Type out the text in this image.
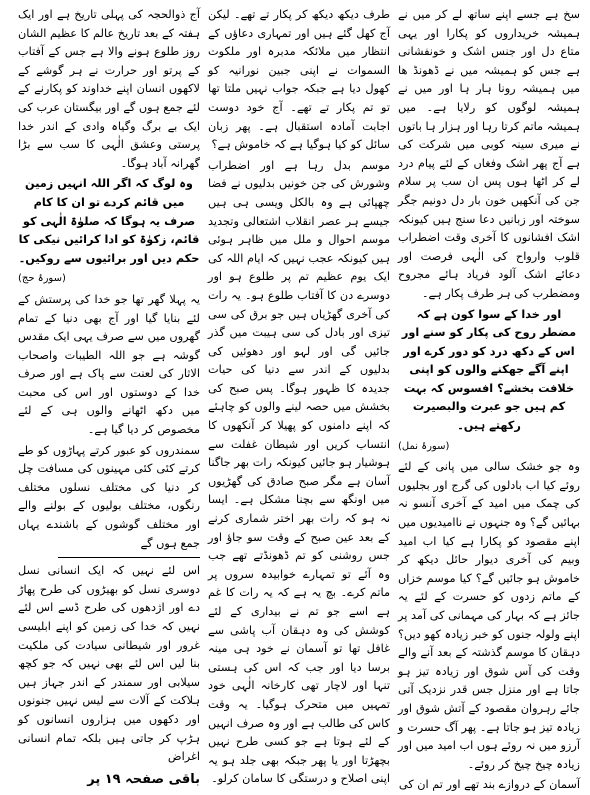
سخ ہے جسے اپنے ساتھ لے کر میں نے ہمیشہ خریداروں کو پکارا اور یہی متاع دل اور جنس اشک و خونفشانی ہے جس کو ہمیشہ میں نے ڈھونڈ ھا میں ہمیشہ رونا ہار ہا اور میں نے ہمیشہ لوگوں کو رلایا ہے۔ میں ہمیشہ ماتم کرتا رہا اور ہزار ہا باتوں نے میری سینہ کوبی میں شرکت کی ہے آج پھر اشک وفغاں کے لئے پیام درد لے کر اٹھا ہوں پس ان سب پر سلام جن کی آنکھیں خون بار دل دونیم جگر سوختہ اور زبانیں دعا سنج ہیں کیونکہ اشک افشانوں کا آخری وقت اضطراب قلوب وارواح کی الٰہی فرصت اور دعائے اشک آلود فریاد ہائے مجروح ومضطرب کی ہر طرف پکار ہے۔

اور خدا کے سوا کون ہے کہ مضطر روح کی پکار کو سنے اور اس کے دکھ درد کو دور کرے اور اپنے آگے جھکنے والوں کو اپنی خلافت بخشے؟ افسوس کہ بہت کم ہیں جو عبرت والبصیرت رکھتے ہیں۔

(سورۂ نمل)

وہ جو خشک سالی میں پانی کے لئے روئے کیا اب بادلوں کی گرج اور بجلیوں کی چمک میں امید کے آخری آنسو نہ بہائیں گے؟ وہ جنہوں نے ناامیدیوں میں اپنے مقصود کو پکارا ہے کیا اب امید وبیم کی آخری دیوار حائل دیکھ کر خاموش ہو جائیں گے؟ کیا موسم خزاں کے ماتم زدوں کو حسرت کے لئے یہ جائز ہے کہ بہار کی مہمانی کی آمد پر اپنے ولولہ جنوں کو خبر زیادہ کھو دیں؟ دہقان کا موسم گذشتہ کے بعد آنے والے وقت کی آس شوق اور زیادہ تیز ہو جاتا ہے اور منزل جس قدر نزدیک آتی جائے رہروان مقصود کے آتش شوق اور زیادہ تیز ہو جاتا ہے۔ پھر آگ حسرت و آرزو میں نہ روئے ہوں اب امید میں اور زیادہ چیخ چیخ کر روئے۔

آسمان کے دروازے بند تھے اور تم ان کی

طرف دیکھ دیکھ کر پکار تے تھے۔ لیکن آج کھل گئے ہیں اور تمہاری دعاؤں کے انتظار میں ملائکہ مدبرہ اور ملکوت السموات نے اپنی جبین نورانیہ کو کھول دیا ہے جبکہ جواب نہیں ملتا تھا تو تم پکار تے تھے۔ آج خود دوست اجابت آمادہ استقبال ہے۔ پھر زبان سائل کو کیا ہوگیا ہے کہ خاموش ہے؟

موسم بدل رہا ہے اور اضطراب وشورش کی جن خونیں بدلیوں نے فضا چھپائی ہے وہ بالکل ویسی ہی ہیں جیسے ہر عصر انقلاب اشتعالی وتجدید موسم احوال و ملل میں ظاہر ہوئی ہیں کیونکہ عجب نہیں کہ ایام اللہ کی ایک یوم عظیم تم پر طلوع ہو اور دوسرے دن کا آفتاب طلوع ہو۔ یہ رات کی آخری گھڑیاں ہیں جو برق کی سی تیزی اور بادل کی سی ہیبت میں گذر جائیں گی اور لہو اور دھوئیں کی بدلیوں کے اندر سے دنیا کی حیات جدیدہ کا ظہور ہوگا۔ پس صبح کی بخشش میں حصہ لینے والوں کو چاہئے کہ اپنے دامنوں کو پھیلا کر آنکھوں کا انتساب کریں اور شیطان غفلت سے ہوشیار ہو جائیں کیونکہ رات بھر جاگنا آسان ہے مگر صبح صادق کی گھڑیوں میں اونگھ سے بچنا مشکل ہے۔ ایسا نہ ہو کہ رات بھر اختر شماری کرنے کے بعد عین صبح کے وقت سو جاؤ اور جس روشنی کو تم ڈھونڈتے تھے جب وہ آئے تو تمہارے خوابیدہ سروں پر ماتم کرے۔ بچ یہ ہے کہ یہ رات کا غم ہے اسے جو تم نے بیداری کے لئے کوشش کی وہ دہقان آب پاشی سے غافل تھا تو آسمان نے خود ہی مینہ برسا دیا اور جب کہ اس کی ہستی تنہا اور لاچار تھی کارخانہ الٰہی خود تمہیں میں متحرک ہوگیا۔ یہ وقت کاس کی طالب ہے اور وہ صرف انہیں کے لئے ہوتا ہے جو کسی طرح نہیں بچھڑتا اور یا پھر جبکہ بھی جلد ہو یہ اپنی اصلاح و درستگی کا سامان کرلو۔

آج ذوالحجہ کی پہلی تاریخ ہے اور ایک ہفتہ کے بعد تاریخ عالم کا عظیم الشان روز طلوع ہونے والا ہے جس کے آفتاب کے پرتو اور حرارت نے ہر گوشے کے لاکھوں انسان اپنے خداوند کو پکارنے کے لئے جمع ہوں گے اور بیگستان عرب کی ایک بے برگ وگیاہ وادی کے اندر خدا پرستی وعشق الٰہی کا سب سے بڑا گھرانہ آباد ہوگا۔

وہ لوگ کہ اگر اللہ انہیں زمین میں قائم کردے تو ان کا کام صرف یہ ہوگا کہ صلوٰۃ الٰہی کو قائم، زکوٰۃ کو ادا کرائیں نیکی کا حکم دیں اور برائیوں سے روکیں۔

(سورۂ حج)

یہ پہلا گھر تھا جو خدا کی پرستش کے لئے بنایا گیا اور آج بھی دنیا کے تمام گھروں میں سے صرف یہی ایک مقدس گوشہ ہے جو اللہ الطیبات واصحاب الاثار کی لعنت سے پاک ہے اور صرف خدا کے دوستوں اور اس کی محبت میں دکھ اٹھانے والوں ہی کے لئے مخصوص کر دیا گیا ہے۔

سمندروں کو عبور کرتے پہاڑوں کو طے کرتے کئی کئی مہینوں کی مسافت چل کر دنیا کی مختلف نسلوں مختلف رنگوں، مختلف بولیوں کے بولنے والے اور مختلف گوشوں کے باشندے یہاں جمع ہوں گے

اس لئے نہیں کہ ایک انسانی نسل دوسری نسل کو بھیڑوں کی طرح پھاڑ دے اور اژدھوں کی طرح ڈسے اس لئے نہیں کہ خدا کی زمین کو اپنے ابلیسی غرور اور شیطانی سیادت کی ملکیت بنا لیں اس لئے بھی نہیں کہ جو کچھ سیلابی اور سمندر کے اندر جہاز ہیں ہلاکت کے آلات سے لیس نہیں جنونوں اور دکھوں میں ہزاروں انسانوں کو ہڑپ کر جاتی ہیں بلکہ تمام انسانی اغراض

باقی صفحہ ۱۹ پر
